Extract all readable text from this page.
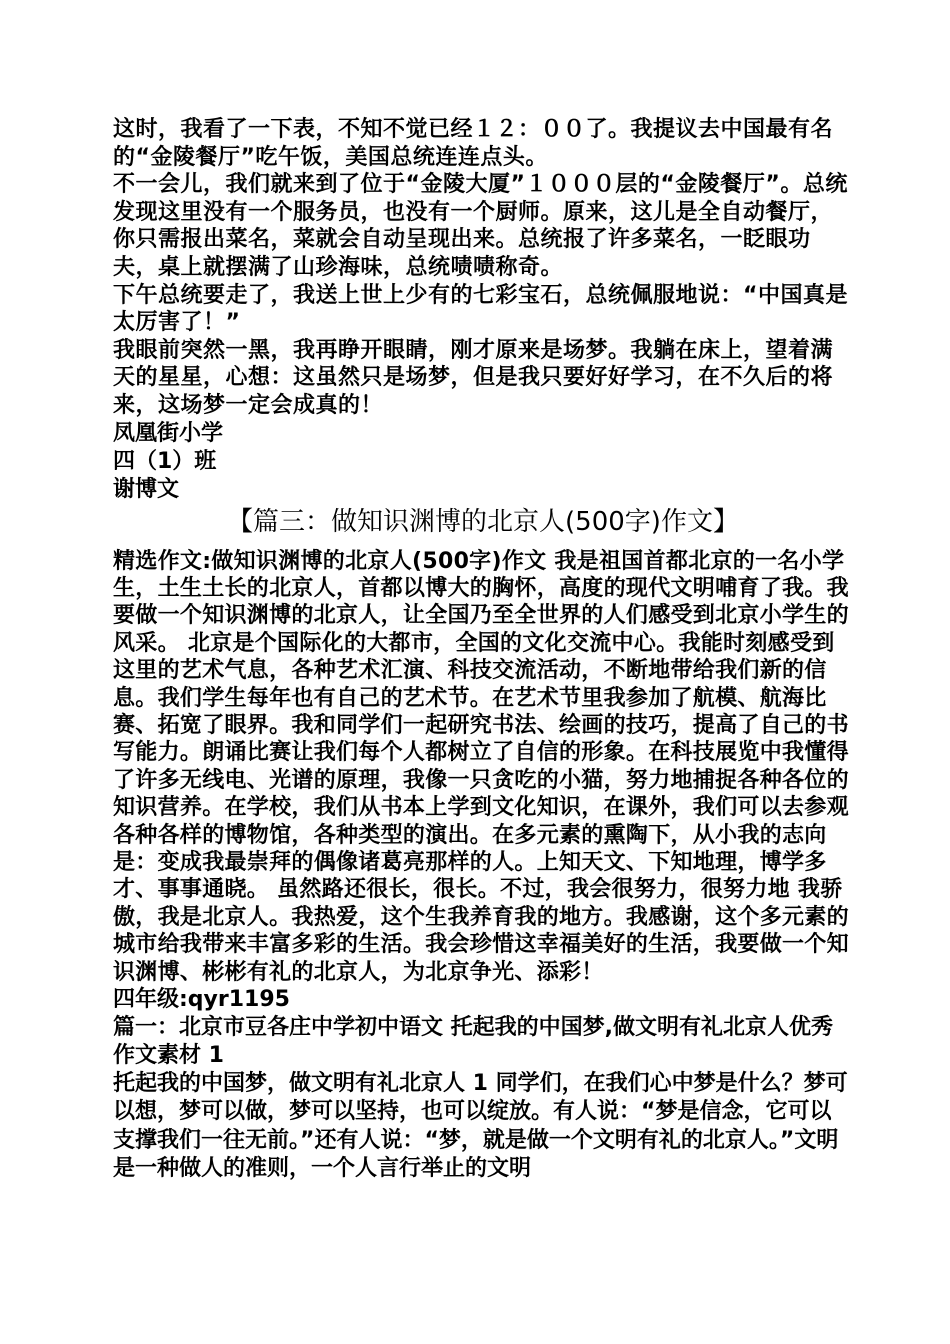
这时，我看了一下表，不知不觉已经１２：００了。我提议去中国最有名的“金陵餐厅”吃午饭，美国总统连连点头。

不一会儿，我们就来到了位于“金陵大厦”１０００层的“金陵餐厅”。总统发现这里没有一个服务员，也没有一个厨师。原来，这儿是全自动餐厅，你只需报出菜名，菜就会自动呈现出来。总统报了许多菜名，一眨眼功夫，桌上就摆满了山珍海味，总统啧啧称奇。

下午总统要走了，我送上世上少有的七彩宝石，总统佩服地说：“中国真是太厉害了！”

我眼前突然一黑，我再睁开眼睛，刚才原来是场梦。我躺在床上，望着满天的星星，心想：这虽然只是场梦，但是我只要好好学习，在不久后的将来，这场梦一定会成真的！

凤凰街小学

四（1）班

谢博文

【篇三：做知识渊博的北京人(500字)作文】

精选作文:做知识渊博的北京人(500字)作文 我是祖国首都北京的一名小学生，土生土长的北京人，首都以博大的胸怀，高度的现代文明哺育了我。我要做一个知识渊博的北京人，让全国乃至全世界的人们感受到北京小学生的风采。 北京是个国际化的大都市，全国的文化交流中心。我能时刻感受到这里的艺术气息，各种艺术汇演、科技交流活动，不断地带给我们新的信息。我们学生每年也有自己的艺术节。在艺术节里我参加了航模、航海比赛、拓宽了眼界。我和同学们一起研究书法、绘画的技巧，提高了自己的书写能力。朗诵比赛让我们每个人都树立了自信的形象。在科技展览中我懂得了许多无线电、光谱的原理，我像一只贪吃的小猫，努力地捕捉各种各位的知识营养。在学校，我们从书本上学到文化知识，在课外，我们可以去参观各种各样的博物馆，各种类型的演出。在多元素的熏陶下，从小我的志向是：变成我最崇拜的偶像诸葛亮那样的人。上知天文、下知地理，博学多才、事事通晓。 虽然路还很长，很长。不过，我会很努力，很努力地 我骄傲，我是北京人。我热爱，这个生我养育我的地方。我感谢，这个多元素的城市给我带来丰富多彩的生活。我会珍惜这幸福美好的生活，我要做一个知识渊博、彬彬有礼的北京人，为北京争光、添彩！

四年级:qyr1195

篇一：北京市豆各庄中学初中语文 托起我的中国梦,做文明有礼北京人优秀作文素材 1

托起我的中国梦，做文明有礼北京人 1 同学们，在我们心中梦是什么？梦可以想，梦可以做，梦可以坚持，也可以绽放。有人说：“梦是信念，它可以支撑我们一往无前。”还有人说：“梦，就是做一个文明有礼的北京人。”文明是一种做人的准则，一个人言行举止的文明
